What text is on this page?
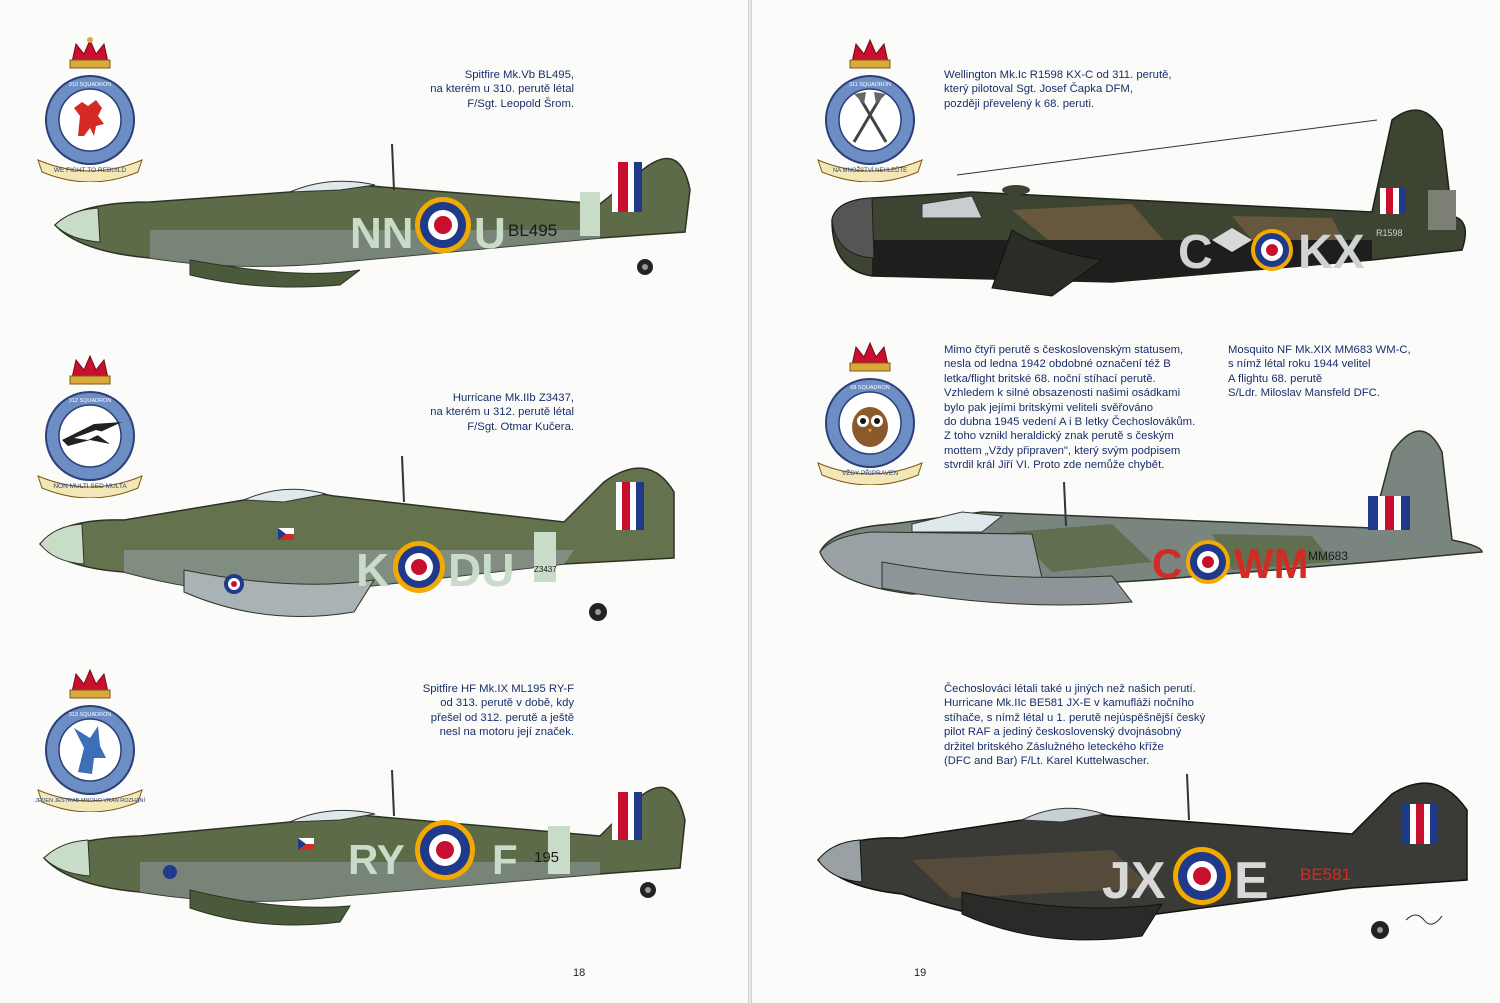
Spitfire Mk.Vb BL495,
na kterém u 310. perutě létal
F/Sgt. Leopold Šrom.
WE FIGHT TO REBUILD
310 SQUADRON
NN U BL495
Hurricane Mk.IIb Z3437,
na kterém u 312. perutě létal
F/Sgt. Otmar Kučera.
NON MULTI SED MULTA
312 SQUADRON
K DU Z3437
Spitfire HF Mk.IX ML195 RY-F
od 313. perutě v době, kdy
přešel od 312. perutě a ještě
nesl na motoru její značek.
JEDEN JESTRAB MNOHO VRAN ROZHÁNÍ
313 SQUADRON
RY F 195
18
NA MNOŽSTVÍ NEHLEĎTE
311 SQUADRON
Wellington Mk.Ic R1598 KX-C od 311. perutě,
který pilotoval Sgt. Josef Čapka DFM,
později převelený k 68. peruti.
C KX R1598
VŽDY PŘIPRAVEN
68 SQUADRON
Mimo čtyři perutě s československým statusem,
nesla od ledna 1942 obdobné označení též B
letka/flight britské 68. noční stíhací perutě.
Vzhledem k silné obsazenosti našimi osádkami
bylo pak jejími britskými veliteli svěřováno
do dubna 1945 vedení A i B letky Čechoslovákům.
Z toho vznikl heraldický znak perutě s českým
mottem „Vždy připraven", který svým podpisem
stvrdil král Jiří VI. Proto zde nemůže chybět.
Mosquito NF Mk.XIX MM683 WM-C,
s nímž létal roku 1944 velitel
A flightu 68. perutě
S/Ldr. Miloslav Mansfeld DFC.
C WM MM683
Čechoslováci létali také u jiných než našich perutí.
Hurricane Mk.IIc BE581 JX-E v kamufláži nočního
stíhače, s nímž létal u 1. perutě nejúspěšnější český
pilot RAF a jediný československý dvojnásobný
držitel britského Záslužného leteckého kříže
(DFC and Bar) F/Lt. Karel Kuttelwascher.
JX E BE581
19
